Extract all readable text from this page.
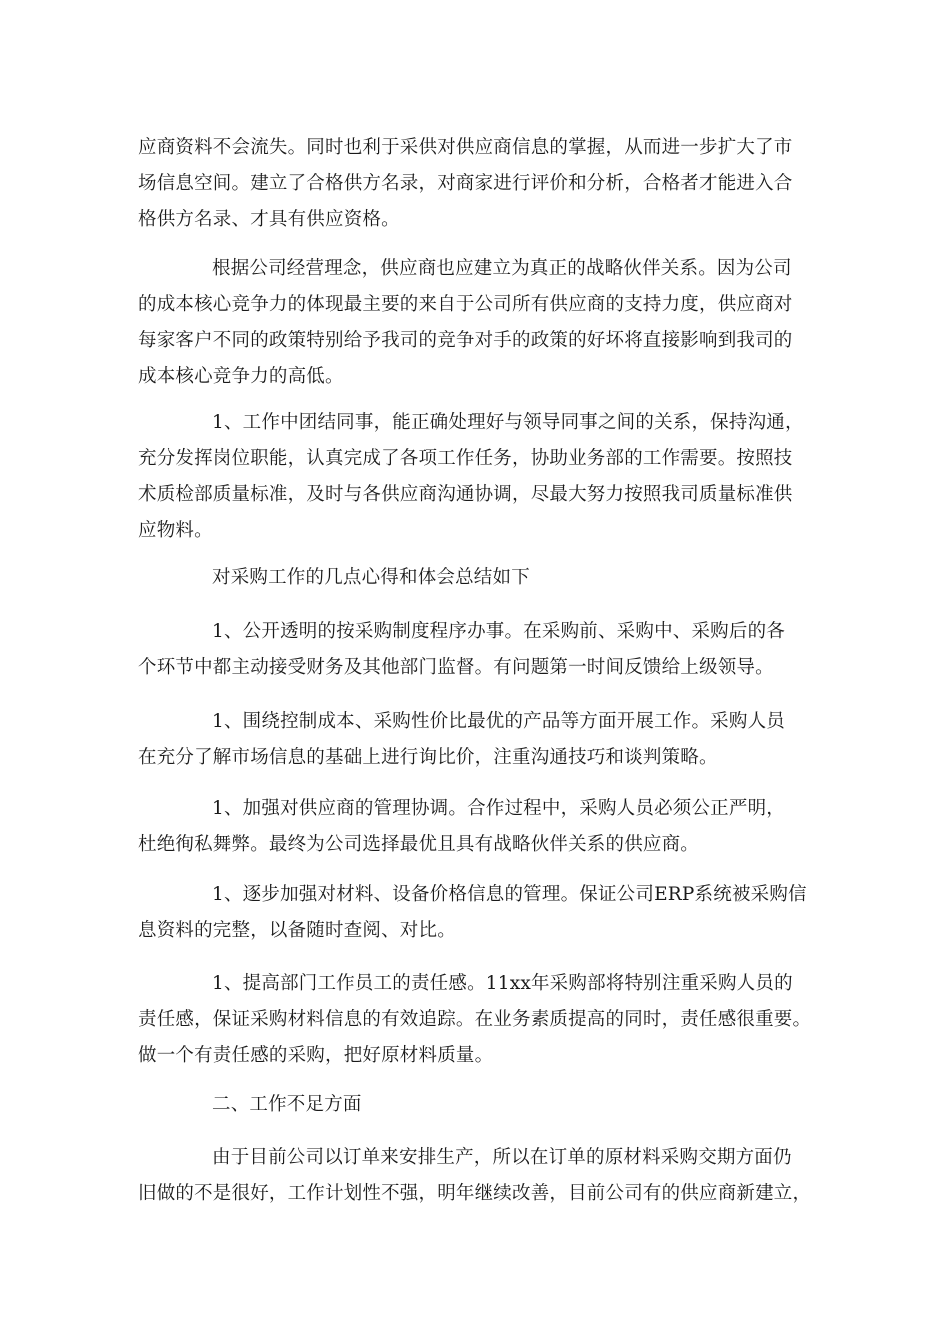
应商资料不会流失。同时也利于采供对供应商信息的掌握，从而进一步扩大了市
场信息空间。建立了合格供方名录，对商家进行评价和分析，合格者才能进入合
格供方名录、才具有供应资格。

根据公司经营理念，供应商也应建立为真正的战略伙伴关系。因为公司
的成本核心竞争力的体现最主要的来自于公司所有供应商的支持力度，供应商对
每家客户不同的政策特别给予我司的竞争对手的政策的好坏将直接影响到我司的
成本核心竞争力的高低。

1、工作中团结同事，能正确处理好与领导同事之间的关系，保持沟通，
充分发挥岗位职能，认真完成了各项工作任务，协助业务部的工作需要。按照技
术质检部质量标准，及时与各供应商沟通协调，尽最大努力按照我司质量标准供
应物料。

对采购工作的几点心得和体会总结如下

1、公开透明的按采购制度程序办事。在采购前、采购中、采购后的各
个环节中都主动接受财务及其他部门监督。有问题第一时间反馈给上级领导。

1、围绕控制成本、采购性价比最优的产品等方面开展工作。采购人员
在充分了解市场信息的基础上进行询比价，注重沟通技巧和谈判策略。

1、加强对供应商的管理协调。合作过程中，采购人员必须公正严明，
杜绝徇私舞弊。最终为公司选择最优且具有战略伙伴关系的供应商。

1、逐步加强对材料、设备价格信息的管理。保证公司ERP系统被采购信
息资料的完整，以备随时查阅、对比。

1、提高部门工作员工的责任感。11xx年采购部将特别注重采购人员的
责任感，保证采购材料信息的有效追踪。在业务素质提高的同时，责任感很重要。
做一个有责任感的采购，把好原材料质量。

二、工作不足方面

由于目前公司以订单来安排生产，所以在订单的原材料采购交期方面仍
旧做的不是很好，工作计划性不强，明年继续改善，目前公司有的供应商新建立，
